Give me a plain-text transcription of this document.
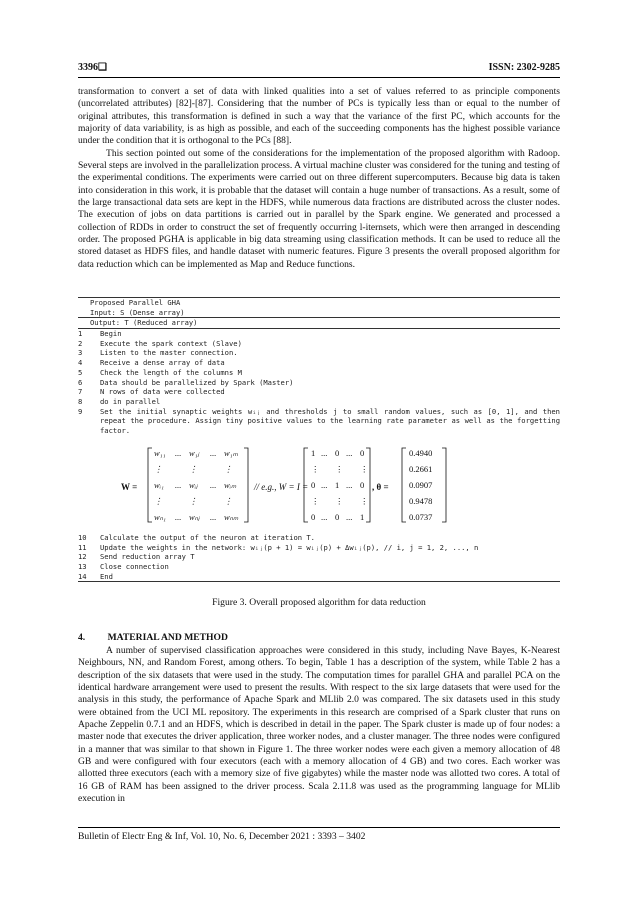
3396❏	ISSN: 2302-9285

transformation to convert a set of data with linked qualities into a set of values referred to as principle components (uncorrelated attributes) [82]-[87]. Considering that the number of PCs is typically less than or equal to the number of original attributes, this transformation is defined in such a way that the variance of the first PC, which accounts for the majority of data variability, is as high as possible, and each of the succeeding components has the highest possible variance under the condition that it is orthogonal to the PCs [88].

This section pointed out some of the considerations for the implementation of the proposed algorithm with Radoop. Several steps are involved in the parallelization process. A virtual machine cluster was considered for the tuning and testing of the experimental conditions. The experiments were carried out on three different supercomputers. Because big data is taken into consideration in this work, it is probable that the dataset will contain a huge number of transactions. As a result, some of the large transactional data sets are kept in the HDFS, while numerous data fractions are distributed across the cluster nodes. The execution of jobs on data partitions is carried out in parallel by the Spark engine. We generated and processed a collection of RDDs in order to construct the set of frequently occurring l-iternsets, which were then arranged in descending order. The proposed PGHA is applicable in big data streaming using classification methods. It can be used to reduce all the stored dataset as HDFS files, and handle dataset with numeric features. Figure 3 presents the overall proposed algorithm for data reduction which can be implemented as Map and Reduce functions.

Proposed Parallel GHA
Input: S (Dense array)
Output: T (Reduced array)
1	Begin
2	Execute the spark context (Slave)
3	Listen to the master connection.
4	Receive a dense array of data
5	Check the length of the columns M
6	Data should be parallelized by Spark (Master)
7	N rows of data were collected
8	do in parallel
9	Set the initial synaptic weights wᵢⱼ and thresholds j to small random values, such as [0, 1], and then repeat the procedure. Assign tiny positive values to the learning rate parameter as well as the forgetting factor.
W =
w₁₁ ... w₁ⱼ ... w₁ₘ
⋮	⋮	⋮
wᵢ₁ ... wᵢⱼ ... wᵢₘ
⋮	⋮	⋮
wₙ₁ ... wₙⱼ ... wₙₘ
// e.g., W = I =
1 ... 0 ... 0
⋮ ⋮ ⋮
0 ... 1 ... 0
⋮ ⋮ ⋮
0 ... 0 ... 1
, θ =
0.4940
0.2661
0.0907
0.9478
0.0737
10	Calculate the output of the neuron at iteration T.
11	Update the weights in the network: wᵢⱼ(p + 1) = wᵢⱼ(p) + Δwᵢⱼ(p), // i, j = 1, 2, ..., n
12	Send reduction array T
13	Close connection
14	End
Figure 3. Overall proposed algorithm for data reduction
4. MATERIAL AND METHOD

A number of supervised classification approaches were considered in this study, including Nave Bayes, K-Nearest Neighbours, NN, and Random Forest, among others. To begin, Table 1 has a description of the system, while Table 2 has a description of the six datasets that were used in the study. The computation times for parallel GHA and parallel PCA on the identical hardware arrangement were used to present the results. With respect to the six large datasets that were used for the analysis in this study, the performance of Apache Spark and MLlib 2.0 was compared. The six datasets used in this study were obtained from the UCI ML repository. The experiments in this research are comprised of a Spark cluster that runs on Apache Zeppelin 0.7.1 and an HDFS, which is described in detail in the paper. The Spark cluster is made up of four nodes: a master node that executes the driver application, three worker nodes, and a cluster manager. The three nodes were configured in a manner that was similar to that shown in Figure 1. The three worker nodes were each given a memory allocation of 48 GB and were configured with four executors (each with a memory allocation of 4 GB) and two cores. Each worker was allotted three executors (each with a memory size of five gigabytes) while the master node was allotted two cores. A total of 16 GB of RAM has been assigned to the driver process. Scala 2.11.8 was used as the programming language for MLlib execution in

Bulletin of Electr Eng & Inf, Vol. 10, No. 6, December 2021 : 3393 – 3402
